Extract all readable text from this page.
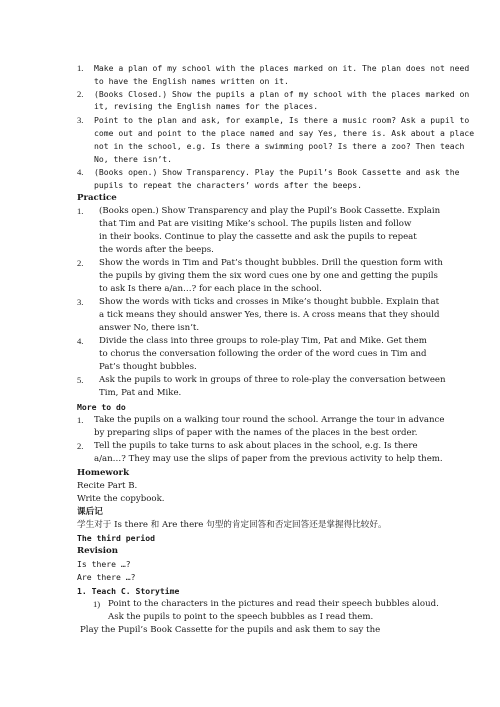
1. Make a plan of my school with the places marked on it. The plan does not need
to have the English names written on it.
2. (Books Closed.) Show the pupils a plan of my school with the places marked on
it, revising the English names for the places.
3. Point to the plan and ask, for example, Is there a music room? Ask a pupil to
come out and point to the place named and say Yes, there is. Ask about a place
not in the school, e.g. Is there a swimming pool? Is there a zoo? Then teach
No, there isn’t.
4. (Books open.) Show Transparency. Play the Pupil’s Book Cassette and ask the
pupils to repeat the characters’ words after the beeps.
Practice
1. (Books open.) Show Transparency and play the Pupil’s Book Cassette. Explain
that Tim and Pat are visiting Mike’s school. The pupils listen and follow
in their books. Continue to play the cassette and ask the pupils to repeat
the words after the beeps.
2. Show the words in Tim and Pat’s thought bubbles. Drill the question form with
the pupils by giving them the six word cues one by one and getting the pupils
to ask Is there a/an…? for each place in the school.
3. Show the words with ticks and crosses in Mike’s thought bubble. Explain that
a tick means they should answer Yes, there is. A cross means that they should
answer No, there isn’t.
4. Divide the class into three groups to role-play Tim, Pat and Mike. Get them
to chorus the conversation following the order of the word cues in Tim and
Pat’s thought bubbles.
5. Ask the pupils to work in groups of three to role-play the conversation between
Tim, Pat and Mike.
More to do
1. Take the pupils on a walking tour round the school. Arrange the tour in advance
by preparing slips of paper with the names of the places in the best order.
2. Tell the pupils to take turns to ask about places in the school, e.g. Is there
a/an…? They may use the slips of paper from the previous activity to help them.
Homework
Recite Part B.
Write the copybook.
课后记
学生对于 Is there 和 Are there 句型的肯定回答和否定回答还是掌握得比较好。
The third period
Revision
Is there …?
Are there …?
1. Teach C. Storytime
1) Point to the characters in the pictures and read their speech bubbles aloud.
Ask the pupils to point to the speech bubbles as I read them.
Play the Pupil’s Book Cassette for the pupils and ask them to say the
